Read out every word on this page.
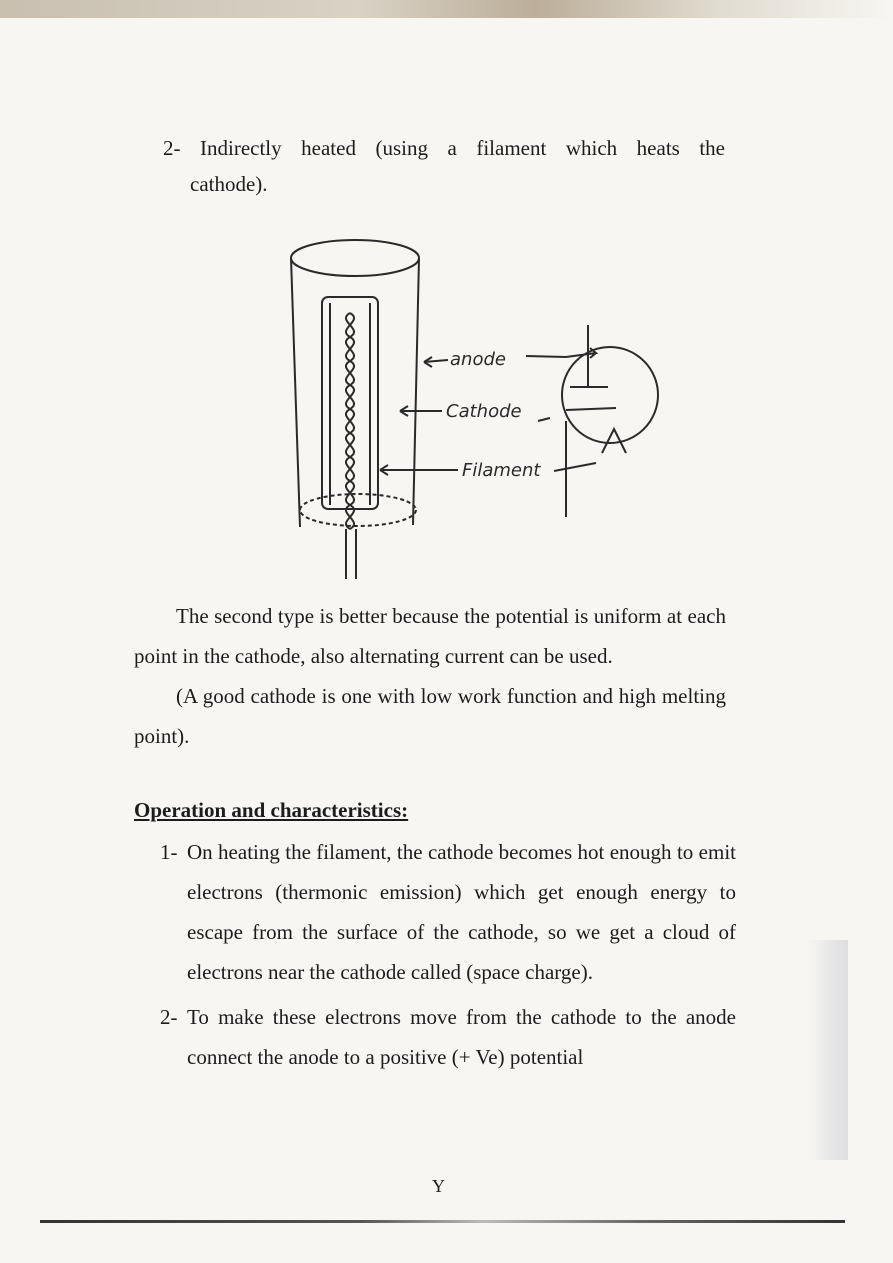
2- Indirectly heated (using a filament which heats the
cathode).
anode
Cathode
Filament
The second type is better because the potential is uniform at each point in the cathode, also alternating current can be used.
(A good cathode is one with low work function and high melting point).
Operation and characteristics:
1- On heating the filament, the cathode becomes hot enough to emit electrons (thermonic emission) which get enough energy to escape from the surface of the cathode, so we get a cloud of electrons near the cathode called (space charge).
2- To make these electrons move from the cathode to the anode connect the anode to a positive (+ Ve) potential
Y
